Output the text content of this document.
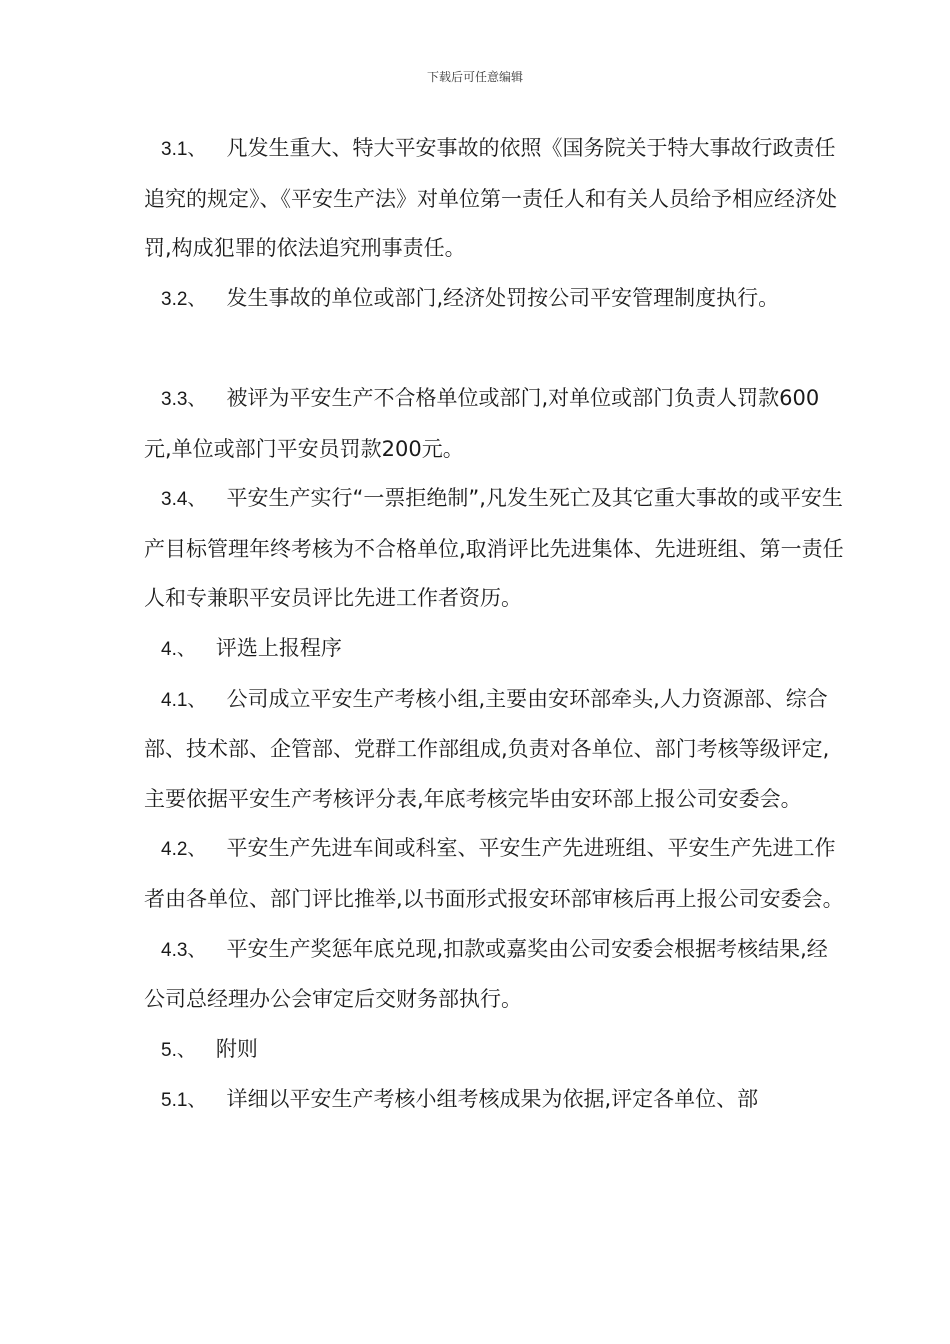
下载后可任意编辑

3.1、 凡发生重大、特大平安事故的依照《国务院关于特大事故行政责任追究的规定》、《平安生产法》对单位第一责任人和有关人员给予相应经济处罚,构成犯罪的依法追究刑事责任。

3.2、 发生事故的单位或部门,经济处罚按公司平安管理制度执行。

3.3、 被评为平安生产不合格单位或部门,对单位或部门负责人罚款600元,单位或部门平安员罚款200元。

3.4、 平安生产实行“一票拒绝制”,凡发生死亡及其它重大事故的或平安生产目标管理年终考核为不合格单位,取消评比先进集体、先进班组、第一责任人和专兼职平安员评比先进工作者资历。

4.、 评选上报程序

4.1、 公司成立平安生产考核小组,主要由安环部牵头,人力资源部、综合部、技术部、企管部、党群工作部组成,负责对各单位、部门考核等级评定,主要依据平安生产考核评分表,年底考核完毕由安环部上报公司安委会。

4.2、 平安生产先进车间或科室、平安生产先进班组、平安生产先进工作者由各单位、部门评比推举,以书面形式报安环部审核后再上报公司安委会。

4.3、 平安生产奖惩年底兑现,扣款或嘉奖由公司安委会根据考核结果,经公司总经理办公会审定后交财务部执行。

5.、 附则

5.1、 详细以平安生产考核小组考核成果为依据,评定各单位、部
